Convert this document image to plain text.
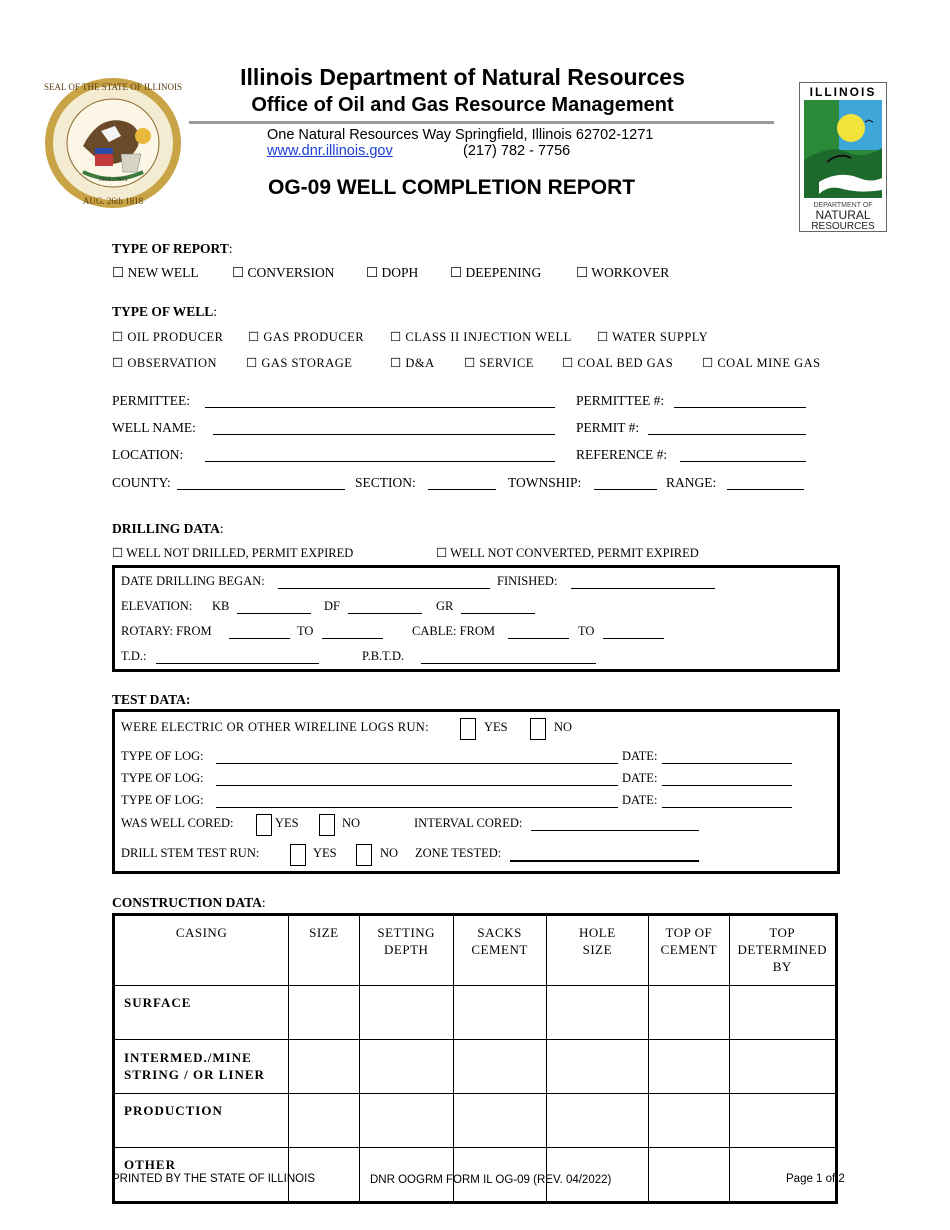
SEAL OF THE STATE OF ILLINOIS
AUG. 26th 1818
1868 / 1818
Illinois Department of Natural Resources
Office of Oil and Gas Resource Management
One Natural Resources Way Springfield, Illinois 62702-1271
www.dnr.illinois.gov	(217) 782 - 7756
OG-09 WELL COMPLETION REPORT
ILLINOIS
DEPARTMENT OF
NATURAL
RESOURCES
TYPE OF REPORT:
☐ NEW WELL ☐ CONVERSION ☐ DOPH ☐ DEEPENING	☐ WORKOVER
TYPE OF WELL:
☐ OIL PRODUCER ☐ GAS PRODUCER ☐ CLASS II INJECTION WELL ☐ WATER SUPPLY
☐ OBSERVATION ☐ GAS STORAGE	☐ D&A ☐ SERVICE ☐ COAL BED GAS ☐ COAL MINE GAS
PERMITTEE:	PERMITTEE #:
WELL NAME:	PERMIT #:
LOCATION:	REFERENCE #:
COUNTY:	SECTION:	TOWNSHIP:	RANGE:
DRILLING DATA:
☐ WELL NOT DRILLED, PERMIT EXPIRED	☐ WELL NOT CONVERTED, PERMIT EXPIRED
DATE DRILLING BEGAN:	FINISHED:
ELEVATION: KB	DF	GR
ROTARY: FROM	TO	CABLE: FROM	TO
T.D.:	P.B.T.D.
TEST DATA:
WERE ELECTRIC OR OTHER WIRELINE LOGS RUN:	YES	NO
TYPE OF LOG:	DATE:
TYPE OF LOG:	DATE:
TYPE OF LOG:	DATE:
WAS WELL CORED:	YES	NO	INTERVAL CORED:
DRILL STEM TEST RUN:	YES	NO ZONE TESTED:
CONSTRUCTION DATA:
CASING	SIZE	SETTING DEPTH	SACKS CEMENT	HOLE SIZE	TOP OF CEMENT	TOP DETERMINED BY
SURFACE						
INTERMED./MINE STRING / OR LINER						
PRODUCTION						
OTHER						
PRINTED BY THE STATE OF ILLINOIS	DNR OOGRM FORM IL OG-09 (REV. 04/2022)	Page 1 of 2
